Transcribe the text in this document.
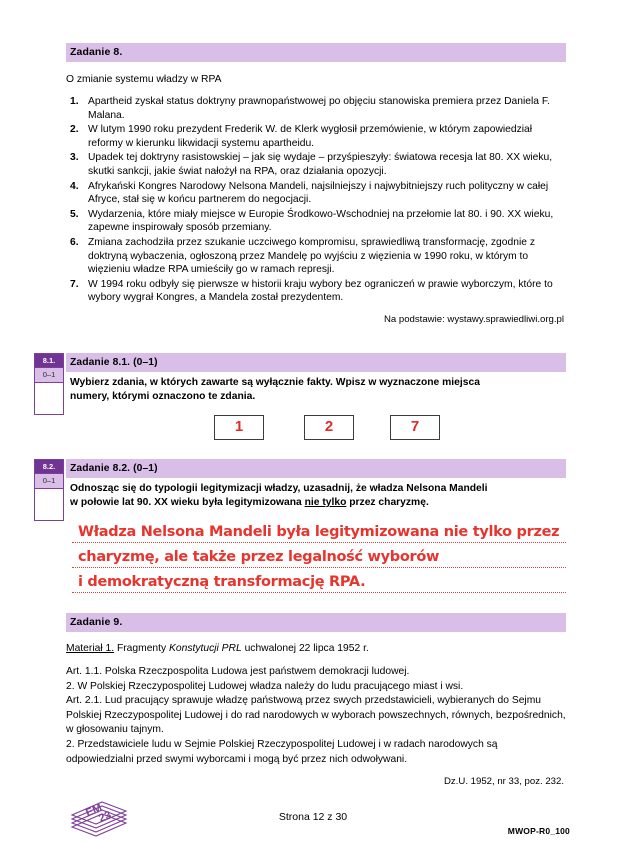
Zadanie 8.
O zmianie systemu władzy w RPA
1. Apartheid zyskał status doktryny prawnopaństwowej po objęciu stanowiska premiera przez Daniela F. Malana.
2. W lutym 1990 roku prezydent Frederik W. de Klerk wygłosił przemówienie, w którym zapowiedział reformy w kierunku likwidacji systemu apartheidu.
3. Upadek tej doktryny rasistowskiej – jak się wydaje – przyśpieszyły: światowa recesja lat 80. XX wieku, skutki sankcji, jakie świat nałożył na RPA, oraz działania opozycji.
4. Afrykański Kongres Narodowy Nelsona Mandeli, najsilniejszy i najwybitniejszy ruch polityczny w całej Afryce, stał się w końcu partnerem do negocjacji.
5. Wydarzenia, które miały miejsce w Europie Środkowo-Wschodniej na przełomie lat 80. i 90. XX wieku, zapewne inspirowały sposób przemiany.
6. Zmiana zachodziła przez szukanie uczciwego kompromisu, sprawiedliwą transformację, zgodnie z doktryną wybaczenia, ogłoszoną przez Mandelę po wyjściu z więzienia w 1990 roku, w którym to więzieniu władze RPA umieściły go w ramach represji.
7. W 1994 roku odbyły się pierwsze w historii kraju wybory bez ograniczeń w prawie wyborczym, które to wybory wygrał Kongres, a Mandela został prezydentem.
Na podstawie: wystawy.sprawiedliwi.org.pl
8.1.
0–1
Zadanie 8.1. (0–1)
Wybierz zdania, w których zawarte są wyłącznie fakty. Wpisz w wyznaczone miejsca
numery, którymi oznaczono te zdania.
1	2	7
8.2.
0–1
Zadanie 8.2. (0–1)
Odnosząc się do typologii legitymizacji władzy, uzasadnij, że władza Nelsona Mandeli
w połowie lat 90. XX wieku była legitymizowana nie tylko przez charyzmę.
Władza Nelsona Mandeli była legitymizowana nie tylko przez
charyzmę, ale także przez legalność wyborów
i demokratyczną transformację RPA.
Zadanie 9.
Materiał 1. Fragmenty Konstytucji PRL uchwalonej 22 lipca 1952 r.
Art. 1.1. Polska Rzeczpospolita Ludowa jest państwem demokracji ludowej.
2. W Polskiej Rzeczypospolitej Ludowej władza należy do ludu pracującego miast i wsi.
Art. 2.1. Lud pracujący sprawuje władzę państwową przez swych przedstawicieli, wybieranych do Sejmu Polskiej Rzeczypospolitej Ludowej i do rad narodowych w wyborach powszechnych, równych, bezpośrednich, w głosowaniu tajnym.
2. Przedstawiciele ludu w Sejmie Polskiej Rzeczypospolitej Ludowej i w radach narodowych są odpowiedzialni przed swymi wyborcami i mogą być przez nich odwoływani.
Dz.U. 1952, nr 33, poz. 232.
EM
23	Strona 12 z 30
MWOP-R0_100
